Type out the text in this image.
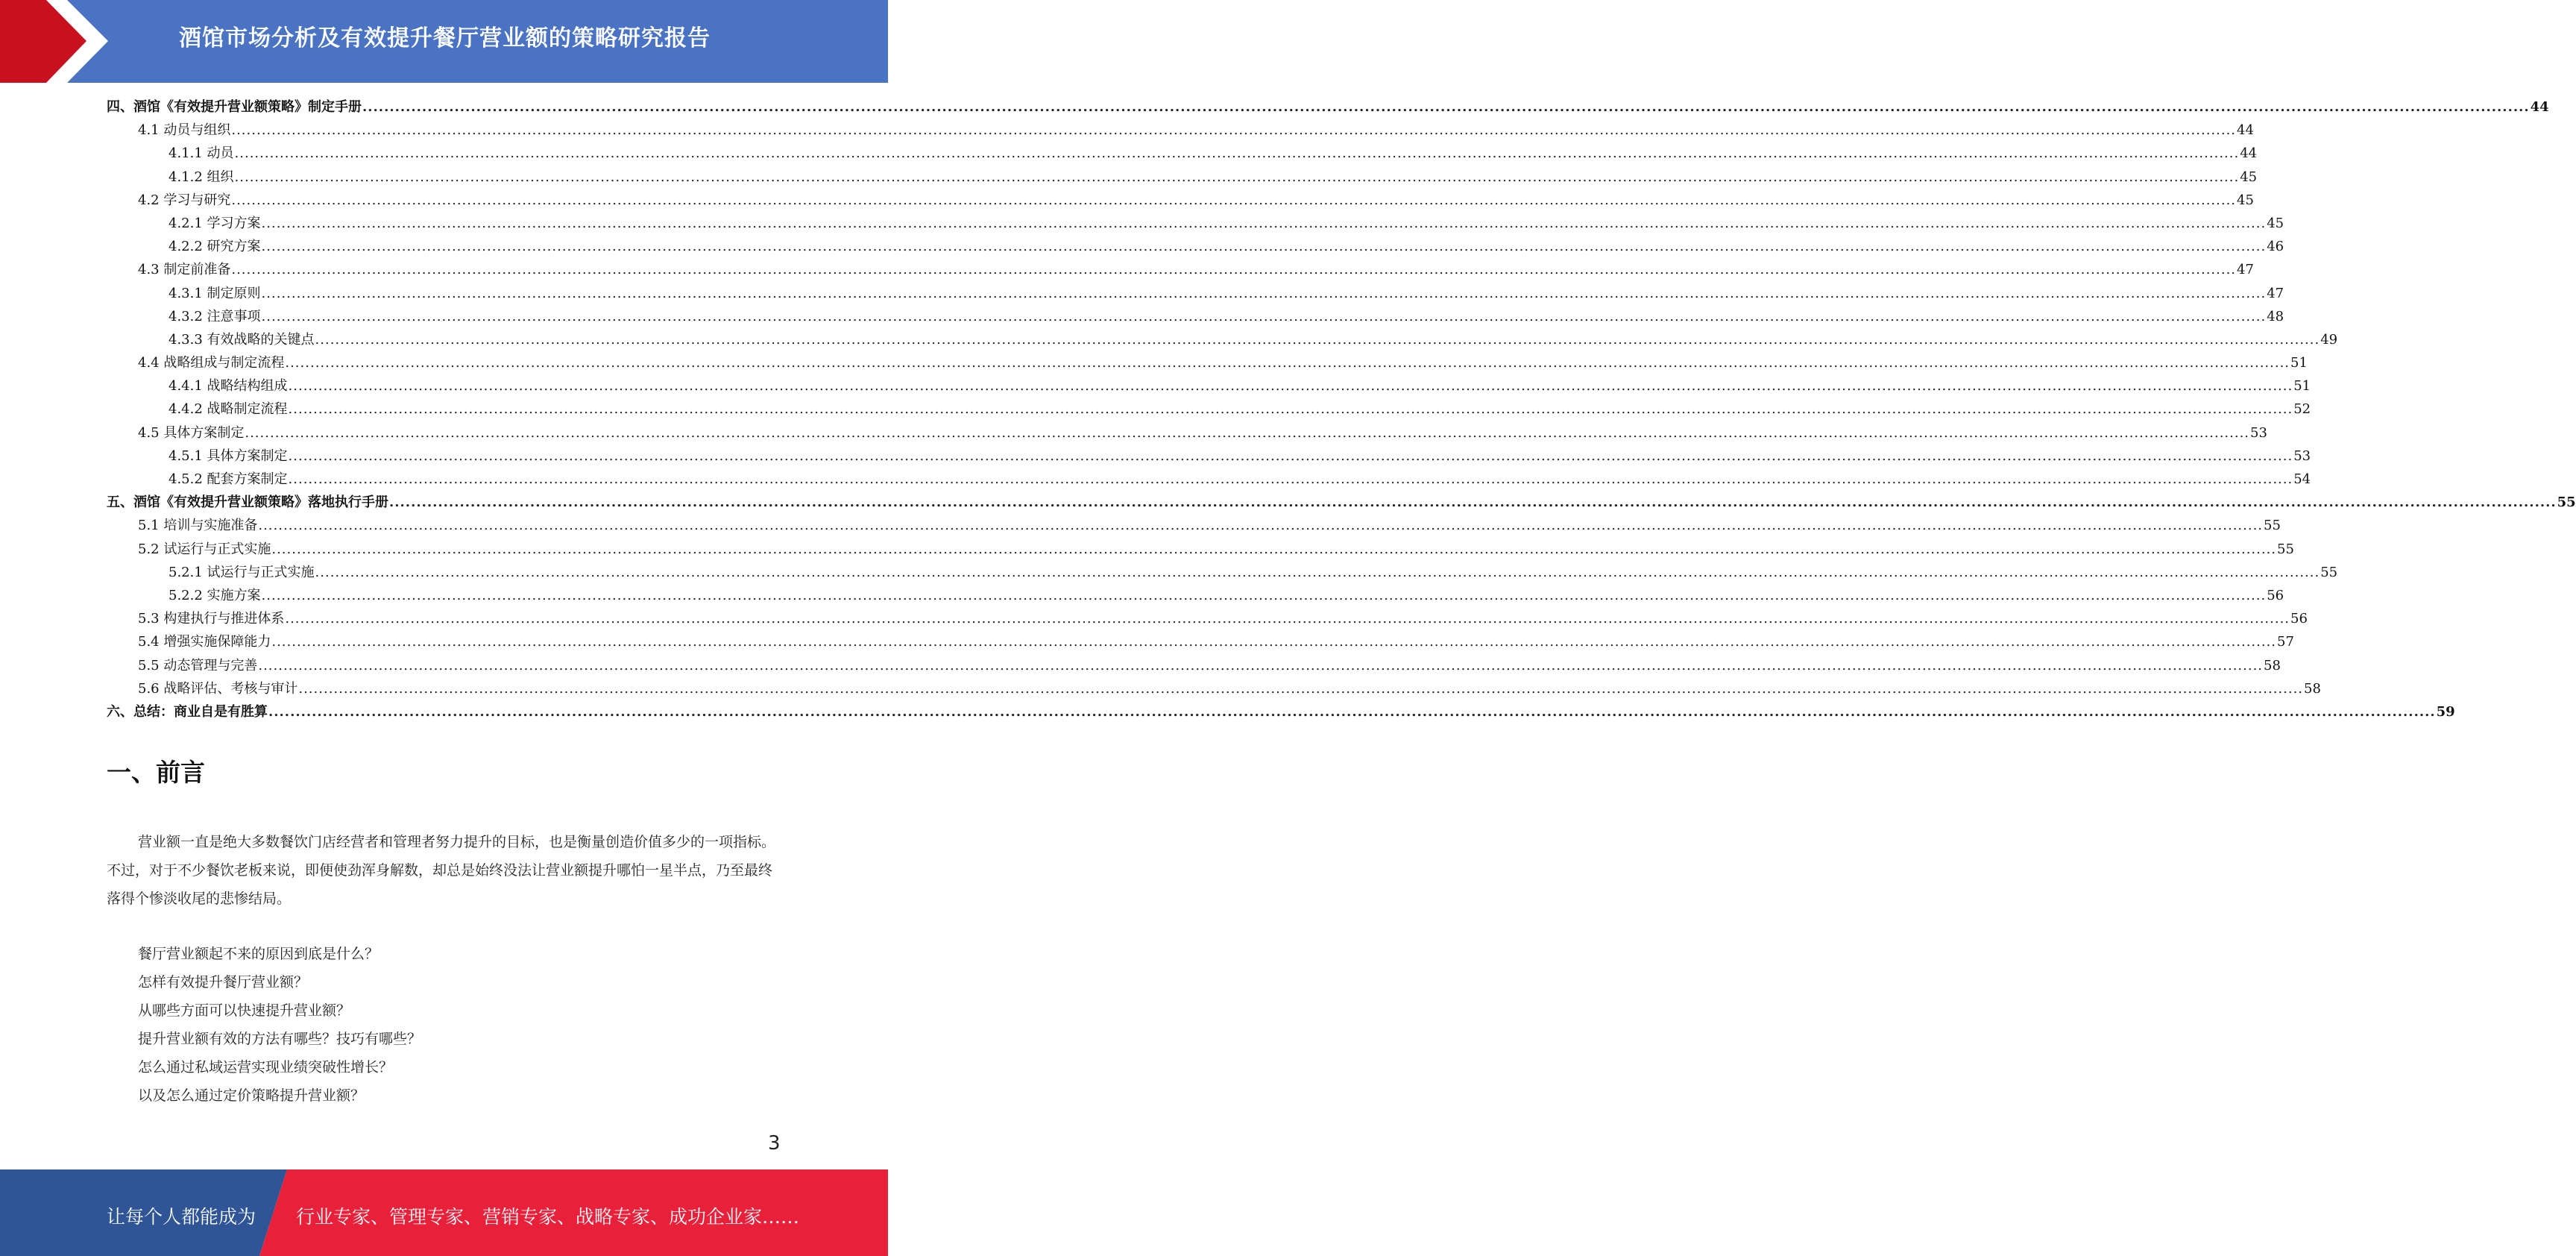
酒馆市场分析及有效提升餐厅营业额的策略研究报告
四、酒馆《有效提升营业额策略》制定手册 ................................................................................................................................................................................................................................................................................................................................................................................................................ 44
4.1 动员与组织 ................................................................................................................................................................................................................................................................................................................................................................................................................ 44
4.1.1 动员 ................................................................................................................................................................................................................................................................................................................................................................................................................ 44
4.1.2 组织 ................................................................................................................................................................................................................................................................................................................................................................................................................ 45
4.2 学习与研究 ................................................................................................................................................................................................................................................................................................................................................................................................................ 45
4.2.1 学习方案 ................................................................................................................................................................................................................................................................................................................................................................................................................ 45
4.2.2 研究方案 ................................................................................................................................................................................................................................................................................................................................................................................................................ 46
4.3 制定前准备 ................................................................................................................................................................................................................................................................................................................................................................................................................ 47
4.3.1 制定原则 ................................................................................................................................................................................................................................................................................................................................................................................................................ 47
4.3.2 注意事项 ................................................................................................................................................................................................................................................................................................................................................................................................................ 48
4.3.3 有效战略的关键点 ................................................................................................................................................................................................................................................................................................................................................................................................................ 49
4.4 战略组成与制定流程 ................................................................................................................................................................................................................................................................................................................................................................................................................ 51
4.4.1 战略结构组成 ................................................................................................................................................................................................................................................................................................................................................................................................................ 51
4.4.2 战略制定流程 ................................................................................................................................................................................................................................................................................................................................................................................................................ 52
4.5 具体方案制定 ................................................................................................................................................................................................................................................................................................................................................................................................................ 53
4.5.1 具体方案制定 ................................................................................................................................................................................................................................................................................................................................................................................................................ 53
4.5.2 配套方案制定 ................................................................................................................................................................................................................................................................................................................................................................................................................ 54
五、酒馆《有效提升营业额策略》落地执行手册 ................................................................................................................................................................................................................................................................................................................................................................................................................ 55
5.1 培训与实施准备 ................................................................................................................................................................................................................................................................................................................................................................................................................ 55
5.2 试运行与正式实施 ................................................................................................................................................................................................................................................................................................................................................................................................................ 55
5.2.1 试运行与正式实施 ................................................................................................................................................................................................................................................................................................................................................................................................................ 55
5.2.2 实施方案 ................................................................................................................................................................................................................................................................................................................................................................................................................ 56
5.3 构建执行与推进体系 ................................................................................................................................................................................................................................................................................................................................................................................................................ 56
5.4 增强实施保障能力 ................................................................................................................................................................................................................................................................................................................................................................................................................ 57
5.5 动态管理与完善 ................................................................................................................................................................................................................................................................................................................................................................................................................ 58
5.6 战略评估、考核与审计 ................................................................................................................................................................................................................................................................................................................................................................................................................ 58
六、总结：商业自是有胜算 ................................................................................................................................................................................................................................................................................................................................................................................................................ 59
一、前言
营业额一直是绝大多数餐饮门店经营者和管理者努力提升的目标，也是衡量创造价值多少的一项指标。不过，对于不少餐饮老板来说，即便使劲浑身解数，却总是始终没法让营业额提升哪怕一星半点，乃至最终落得个惨淡收尾的悲惨结局。
餐厅营业额起不来的原因到底是什么？
怎样有效提升餐厅营业额？
从哪些方面可以快速提升营业额？
提升营业额有效的方法有哪些？技巧有哪些？
怎么通过私域运营实现业绩突破性增长？
以及怎么通过定价策略提升营业额？
3
让每个人都能成为 行业专家、管理专家、营销专家、战略专家、成功企业家……
